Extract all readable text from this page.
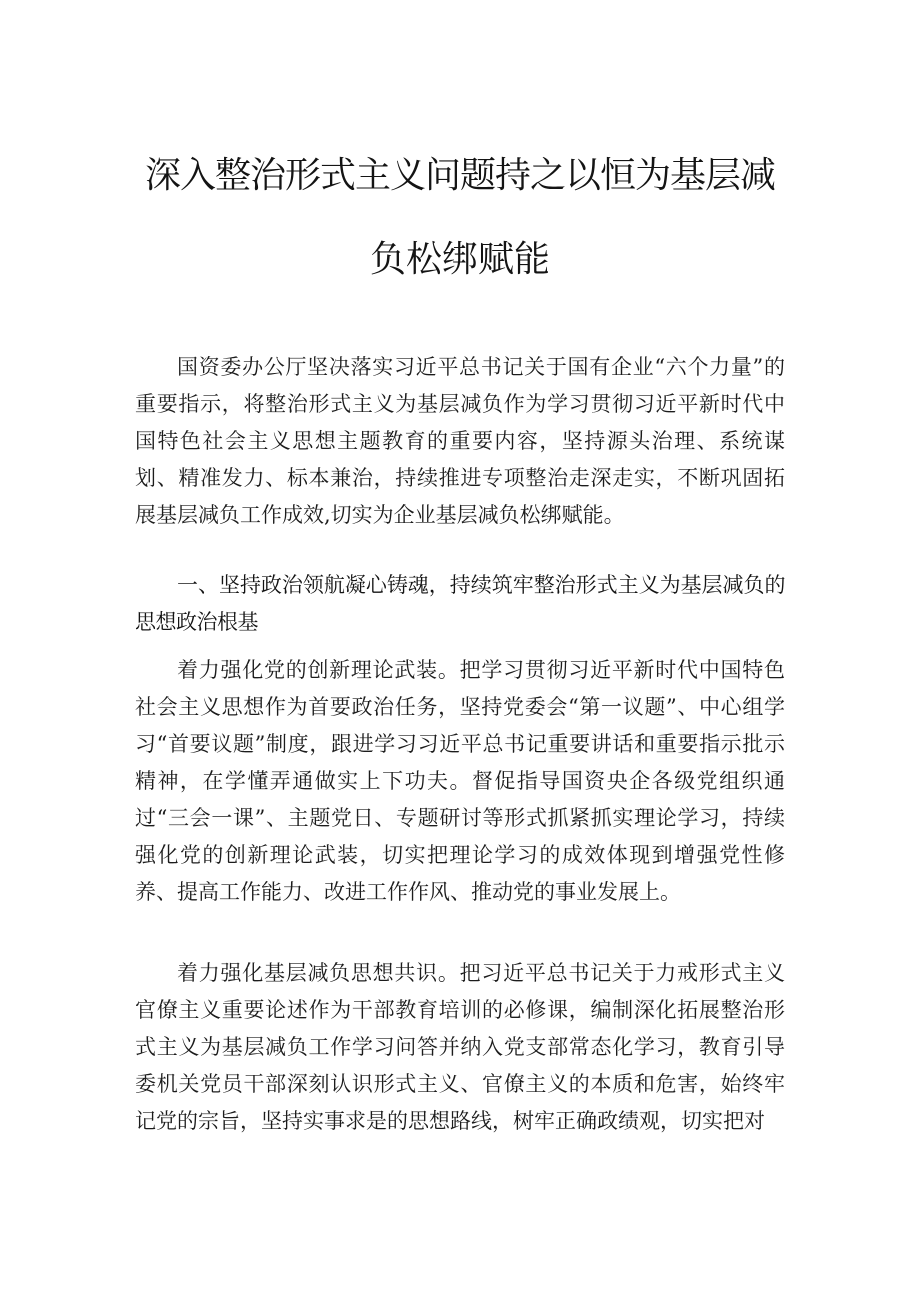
深入整治形式主义问题持之以恒为基层减
负松绑赋能

国资委办公厅坚决落实习近平总书记关于国有企业“六个力量”的重要指示，将整治形式主义为基层减负作为学习贯彻习近平新时代中国特色社会主义思想主题教育的重要内容，坚持源头治理、系统谋划、精准发力、标本兼治，持续推进专项整治走深走实，不断巩固拓展基层减负工作成效,切实为企业基层减负松绑赋能。

一、坚持政治领航凝心铸魂，持续筑牢整治形式主义为基层减负的思想政治根基

着力强化党的创新理论武装。把学习贯彻习近平新时代中国特色社会主义思想作为首要政治任务，坚持党委会“第一议题”、中心组学习“首要议题”制度，跟进学习习近平总书记重要讲话和重要指示批示精神，在学懂弄通做实上下功夫。督促指导国资央企各级党组织通过“三会一课”、主题党日、专题研讨等形式抓紧抓实理论学习，持续强化党的创新理论武装，切实把理论学习的成效体现到增强党性修养、提高工作能力、改进工作作风、推动党的事业发展上。

着力强化基层减负思想共识。把习近平总书记关于力戒形式主义官僚主义重要论述作为干部教育培训的必修课，编制深化拓展整治形式主义为基层减负工作学习问答并纳入党支部常态化学习，教育引导委机关党员干部深刻认识形式主义、官僚主义的本质和危害，始终牢记党的宗旨，坚持实事求是的思想路线，树牢正确政绩观，切实把对
